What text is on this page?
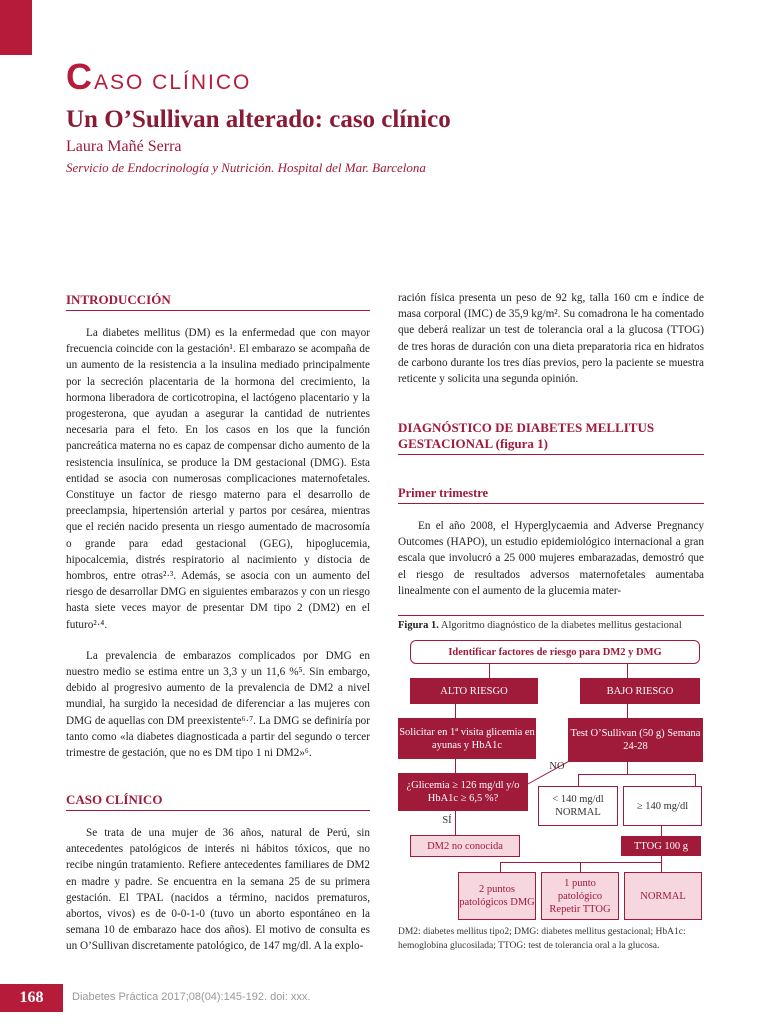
CASO CLÍNICO
Un O’Sullivan alterado: caso clínico
Laura Mañé Serra
Servicio de Endocrinología y Nutrición. Hospital del Mar. Barcelona
INTRODUCCIÓN

La diabetes mellitus (DM) es la enfermedad que con mayor frecuencia coincide con la gestación¹. El embarazo se acompaña de un aumento de la resistencia a la insulina mediado principalmente por la secreción placentaria de la hormona del crecimiento, la hormona liberadora de corticotropina, el lactógeno placentario y la progesterona, que ayudan a asegurar la cantidad de nutrientes necesaria para el feto. En los casos en los que la función pancreática materna no es capaz de compensar dicho aumento de la resistencia insulínica, se produce la DM gestacional (DMG). Esta entidad se asocia con numerosas complicaciones maternofetales. Constituye un factor de riesgo materno para el desarrollo de preeclampsia, hipertensión arterial y partos por cesárea, mientras que el recién nacido presenta un riesgo aumentado de macrosomía o grande para edad gestacional (GEG), hipoglucemia, hipocalcemia, distrés respiratorio al nacimiento y distocia de hombros, entre otras²·³. Además, se asocia con un aumento del riesgo de desarrollar DMG en siguientes embarazos y con un riesgo hasta siete veces mayor de presentar DM tipo 2 (DM2) en el futuro²·⁴.

La prevalencia de embarazos complicados por DMG en nuestro medio se estima entre un 3,3 y un 11,6 %⁵. Sin embargo, debido al progresivo aumento de la prevalencia de DM2 a nivel mundial, ha surgido la necesidad de diferenciar a las mujeres con DMG de aquellas con DM preexistente⁶·⁷. La DMG se definiría por tanto como «la diabetes diagnosticada a partir del segundo o tercer trimestre de gestación, que no es DM tipo 1 ni DM2»⁶.

CASO CLÍNICO

Se trata de una mujer de 36 años, natural de Perú, sin antecedentes patológicos de interés ni hábitos tóxicos, que no recibe ningún tratamiento. Refiere antecedentes familiares de DM2 en madre y padre. Se encuentra en la semana 25 de su primera gestación. El TPAL (nacidos a término, nacidos prematuros, abortos, vivos) es de 0-0-1-0 (tuvo un aborto espontáneo en la semana 10 de embarazo hace dos años). El motivo de consulta es un O’Sullivan discretamente patológico, de 147 mg/dl. A la explo-

ración física presenta un peso de 92 kg, talla 160 cm e índice de masa corporal (IMC) de 35,9 kg/m². Su comadrona le ha comentado que deberá realizar un test de tolerancia oral a la glucosa (TTOG) de tres horas de duración con una dieta preparatoria rica en hidratos de carbono durante los tres días previos, pero la paciente se muestra reticente y solicita una segunda opinión.

DIAGNÓSTICO DE DIABETES MELLITUS GESTACIONAL (figura 1)
Primer trimestre

En el año 2008, el Hyperglycaemia and Adverse Pregnancy Outcomes (HAPO), un estudio epidemiológico internacional a gran escala que involucró a 25 000 mujeres embarazadas, demostró que el riesgo de resultados adversos maternofetales aumentaba linealmente con el aumento de la glucemia mater-

Figura 1. Algoritmo diagnóstico de la diabetes mellitus gestacional
Identificar factores de riesgo para DM2 y DMG
ALTO RIESGO	BAJO RIESGO
Solicitar en 1ª visita glicemia en ayunas y HbA1c
Test O’Sullivan (50 g) Semana 24-28
NO
¿Glicemia ≥ 126 mg/dl y/o HbA1c ≥ 6,5 %?
SÍ
< 140 mg/dl NORMAL
≥ 140 mg/dl
DM2 no conocida	TTOG 100 g
2 puntos patológicos DMG
1 punto patológico Repetir TTOG
NORMAL
DM2: diabetes mellitus tipo2; DMG: diabetes mellitus gestacional; HbA1c: hemoglobina glucosilada; TTOG: test de tolerancia oral a la glucosa.
168	Diabetes Práctica 2017;08(04):145-192. doi: xxx.
